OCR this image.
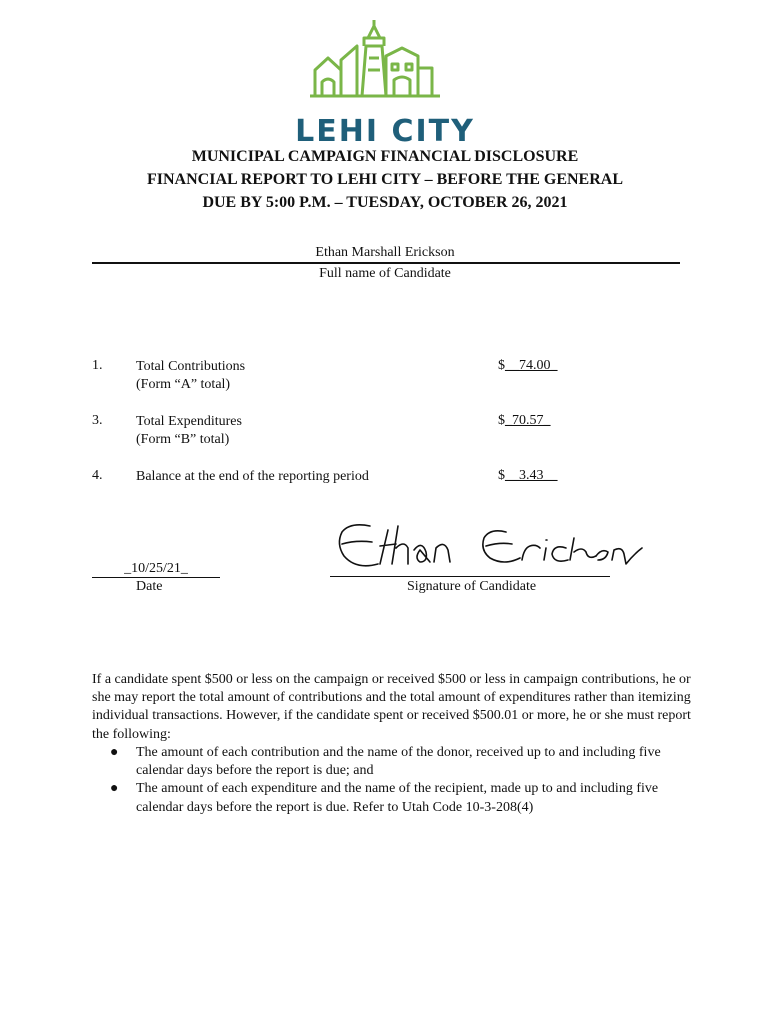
LEHI CITY
MUNICIPAL CAMPAIGN FINANCIAL DISCLOSURE
FINANCIAL REPORT TO LEHI CITY – BEFORE THE GENERAL
DUE BY 5:00 P.M. – TUESDAY, OCTOBER 26, 2021
Ethan Marshall Erickson
Full name of Candidate
1. Total Contributions
(Form “A” total)
$__74.00_
3. Total Expenditures
(Form “B” total)
$_70.57_
4. Balance at the end of the reporting period	$__3.43__
_10/25/21_
Date	Signature of Candidate
If a candidate spent $500 or less on the campaign or received $500 or less in campaign contributions, he or she may report the total amount of contributions and the total amount of expenditures rather than itemizing individual transactions. However, if the candidate spent or received $500.01 or more, he or she must report the following:
● The amount of each contribution and the name of the donor, received up to and including five calendar days before the report is due; and
● The amount of each expenditure and the name of the recipient, made up to and including five calendar days before the report is due. Refer to Utah Code 10-3-208(4)
